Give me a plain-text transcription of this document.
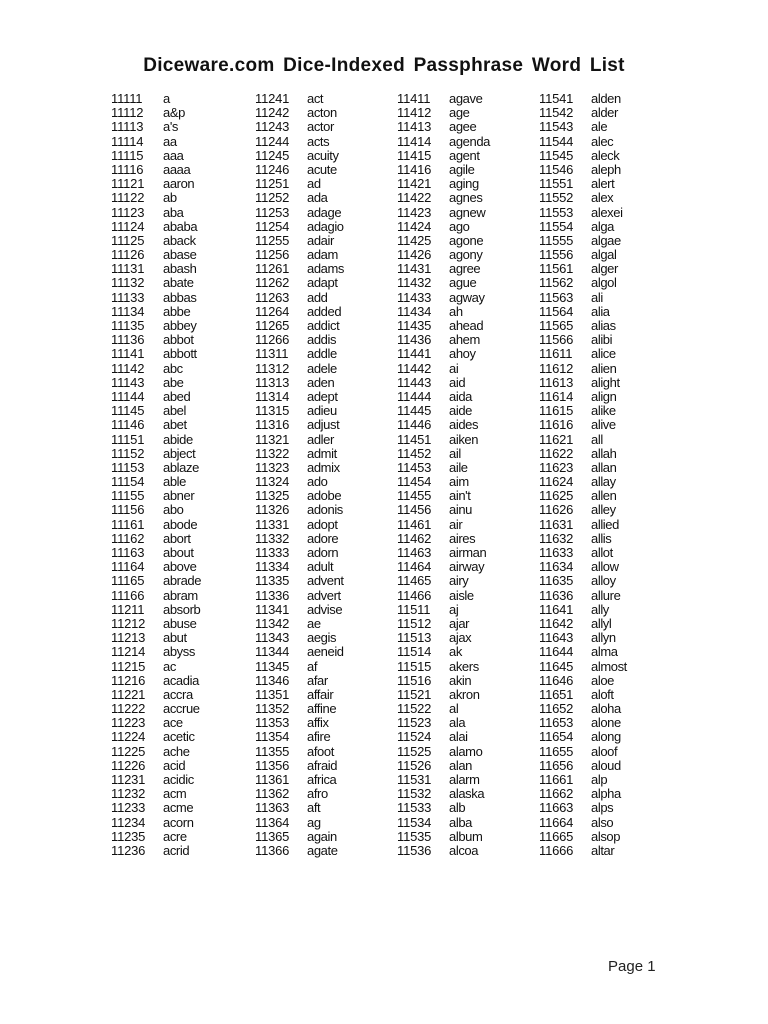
Diceware.com Dice-Indexed Passphrase Word List
11111	a
11112	a&p
11113	a's
11114	aa
11115	aaa
11116	aaaa
11121	aaron
11122	ab
11123	aba
11124	ababa
11125	aback
11126	abase
11131	abash
11132	abate
11133	abbas
11134	abbe
11135	abbey
11136	abbot
11141	abbott
11142	abc
11143	abe
11144	abed
11145	abel
11146	abet
11151	abide
11152	abject
11153	ablaze
11154	able
11155	abner
11156	abo
11161	abode
11162	abort
11163	about
11164	above
11165	abrade
11166	abram
11211	absorb
11212	abuse
11213	abut
11214	abyss
11215	ac
11216	acadia
11221	accra
11222	accrue
11223	ace
11224	acetic
11225	ache
11226	acid
11231	acidic
11232	acm
11233	acme
11234	acorn
11235	acre
11236	acrid
11241	act
11242	acton
11243	actor
11244	acts
11245	acuity
11246	acute
11251	ad
11252	ada
11253	adage
11254	adagio
11255	adair
11256	adam
11261	adams
11262	adapt
11263	add
11264	added
11265	addict
11266	addis
11311	addle
11312	adele
11313	aden
11314	adept
11315	adieu
11316	adjust
11321	adler
11322	admit
11323	admix
11324	ado
11325	adobe
11326	adonis
11331	adopt
11332	adore
11333	adorn
11334	adult
11335	advent
11336	advert
11341	advise
11342	ae
11343	aegis
11344	aeneid
11345	af
11346	afar
11351	affair
11352	affine
11353	affix
11354	afire
11355	afoot
11356	afraid
11361	africa
11362	afro
11363	aft
11364	ag
11365	again
11366	agate
11411	agave
11412	age
11413	agee
11414	agenda
11415	agent
11416	agile
11421	aging
11422	agnes
11423	agnew
11424	ago
11425	agone
11426	agony
11431	agree
11432	ague
11433	agway
11434	ah
11435	ahead
11436	ahem
11441	ahoy
11442	ai
11443	aid
11444	aida
11445	aide
11446	aides
11451	aiken
11452	ail
11453	aile
11454	aim
11455	ain't
11456	ainu
11461	air
11462	aires
11463	airman
11464	airway
11465	airy
11466	aisle
11511	aj
11512	ajar
11513	ajax
11514	ak
11515	akers
11516	akin
11521	akron
11522	al
11523	ala
11524	alai
11525	alamo
11526	alan
11531	alarm
11532	alaska
11533	alb
11534	alba
11535	album
11536	alcoa
11541	alden
11542	alder
11543	ale
11544	alec
11545	aleck
11546	aleph
11551	alert
11552	alex
11553	alexei
11554	alga
11555	algae
11556	algal
11561	alger
11562	algol
11563	ali
11564	alia
11565	alias
11566	alibi
11611	alice
11612	alien
11613	alight
11614	align
11615	alike
11616	alive
11621	all
11622	allah
11623	allan
11624	allay
11625	allen
11626	alley
11631	allied
11632	allis
11633	allot
11634	allow
11635	alloy
11636	allure
11641	ally
11642	allyl
11643	allyn
11644	alma
11645	almost
11646	aloe
11651	aloft
11652	aloha
11653	alone
11654	along
11655	aloof
11656	aloud
11661	alp
11662	alpha
11663	alps
11664	also
11665	alsop
11666	altar
Page 1
